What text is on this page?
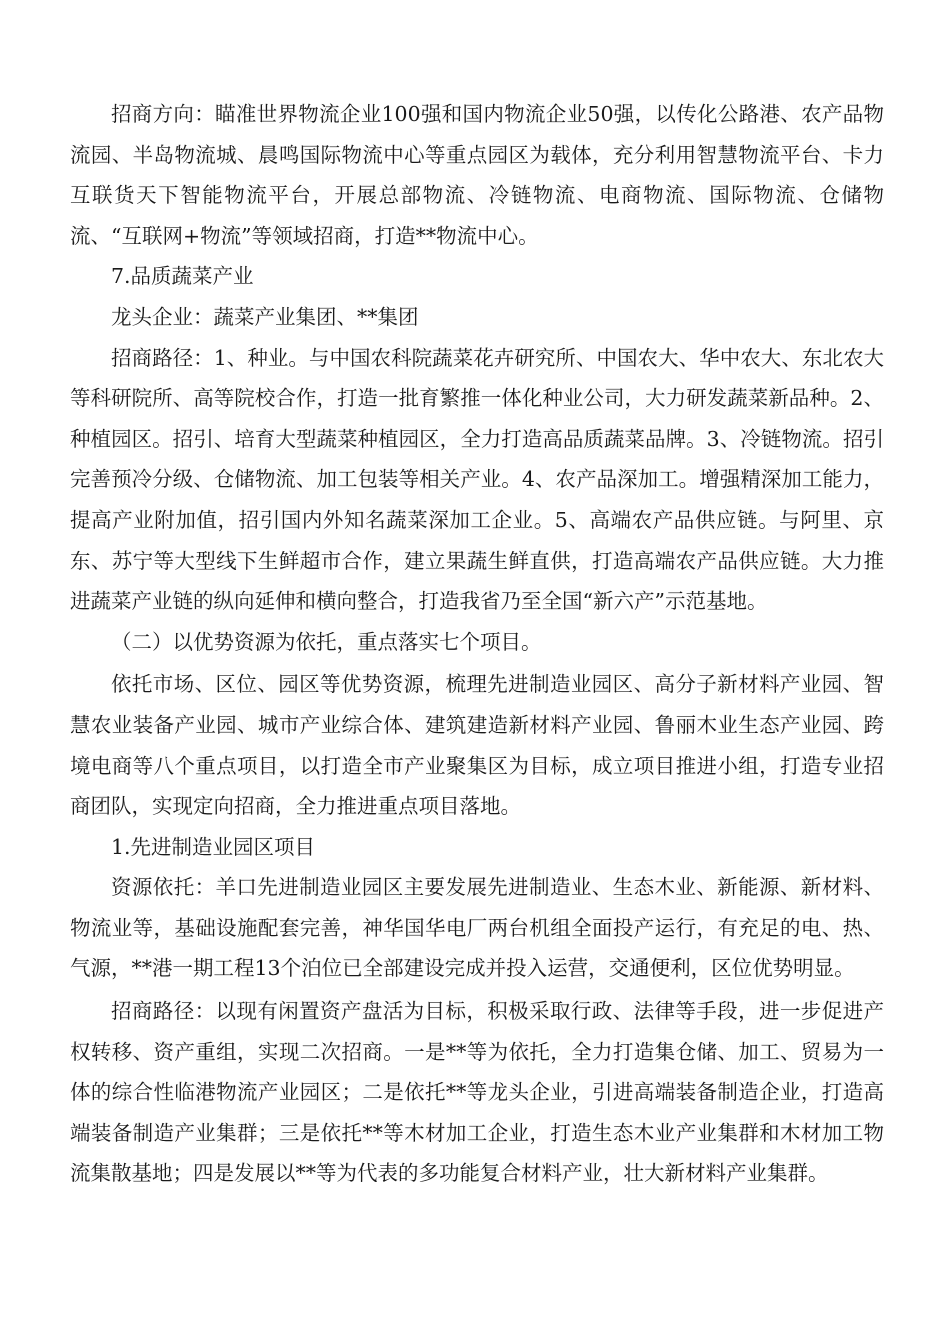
招商方向：瞄准世界物流企业100强和国内物流企业50强，以传化公路港、农产品物流园、半岛物流城、晨鸣国际物流中心等重点园区为载体，充分利用智慧物流平台、卡力互联货天下智能物流平台，开展总部物流、冷链物流、电商物流、国际物流、仓储物流、“互联网+物流”等领域招商，打造**物流中心。

7.品质蔬菜产业

龙头企业：蔬菜产业集团、**集团

招商路径：1、种业。与中国农科院蔬菜花卉研究所、中国农大、华中农大、东北农大等科研院所、高等院校合作，打造一批育繁推一体化种业公司，大力研发蔬菜新品种。2、种植园区。招引、培育大型蔬菜种植园区，全力打造高品质蔬菜品牌。3、冷链物流。招引完善预冷分级、仓储物流、加工包装等相关产业。4、农产品深加工。增强精深加工能力，提高产业附加值，招引国内外知名蔬菜深加工企业。5、高端农产品供应链。与阿里、京东、苏宁等大型线下生鲜超市合作，建立果蔬生鲜直供，打造高端农产品供应链。大力推进蔬菜产业链的纵向延伸和横向整合，打造我省乃至全国“新六产”示范基地。

（二）以优势资源为依托，重点落实七个项目。

依托市场、区位、园区等优势资源，梳理先进制造业园区、高分子新材料产业园、智慧农业装备产业园、城市产业综合体、建筑建造新材料产业园、鲁丽木业生态产业园、跨境电商等八个重点项目，以打造全市产业聚集区为目标，成立项目推进小组，打造专业招商团队，实现定向招商，全力推进重点项目落地。

1.先进制造业园区项目

资源依托：羊口先进制造业园区主要发展先进制造业、生态木业、新能源、新材料、物流业等，基础设施配套完善，神华国华电厂两台机组全面投产运行，有充足的电、热、气源，**港一期工程13个泊位已全部建设完成并投入运营，交通便利，区位优势明显。

招商路径：以现有闲置资产盘活为目标，积极采取行政、法律等手段，进一步促进产权转移、资产重组，实现二次招商。一是**等为依托，全力打造集仓储、加工、贸易为一体的综合性临港物流产业园区；二是依托**等龙头企业，引进高端装备制造企业，打造高端装备制造产业集群；三是依托**等木材加工企业，打造生态木业产业集群和木材加工物流集散基地；四是发展以**等为代表的多功能复合材料产业，壮大新材料产业集群。
